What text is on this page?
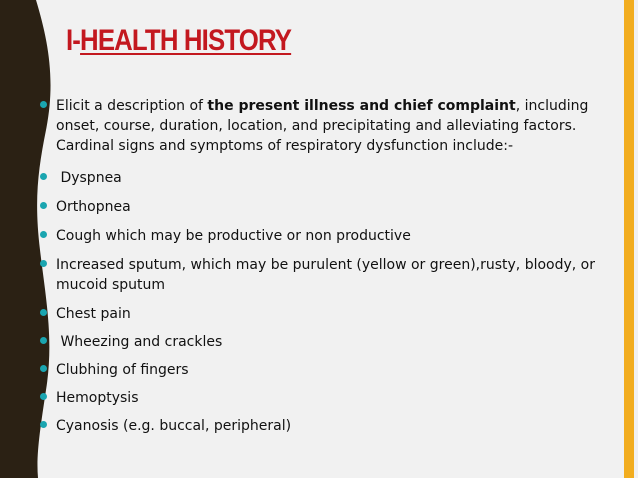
I-HEALTH HISTORY
Elicit a description of the present illness and chief complaint, including onset, course, duration, location, and precipitating and alleviating factors. Cardinal signs and symptoms of respiratory dysfunction include:-
Dyspnea
Orthopnea
Cough which may be productive or non productive
Increased sputum, which may be purulent (yellow or green),rusty, bloody, or mucoid sputum
Chest pain
Wheezing and crackles
Clubhing of fingers
Hemoptysis
Cyanosis (e.g. buccal, peripheral)
